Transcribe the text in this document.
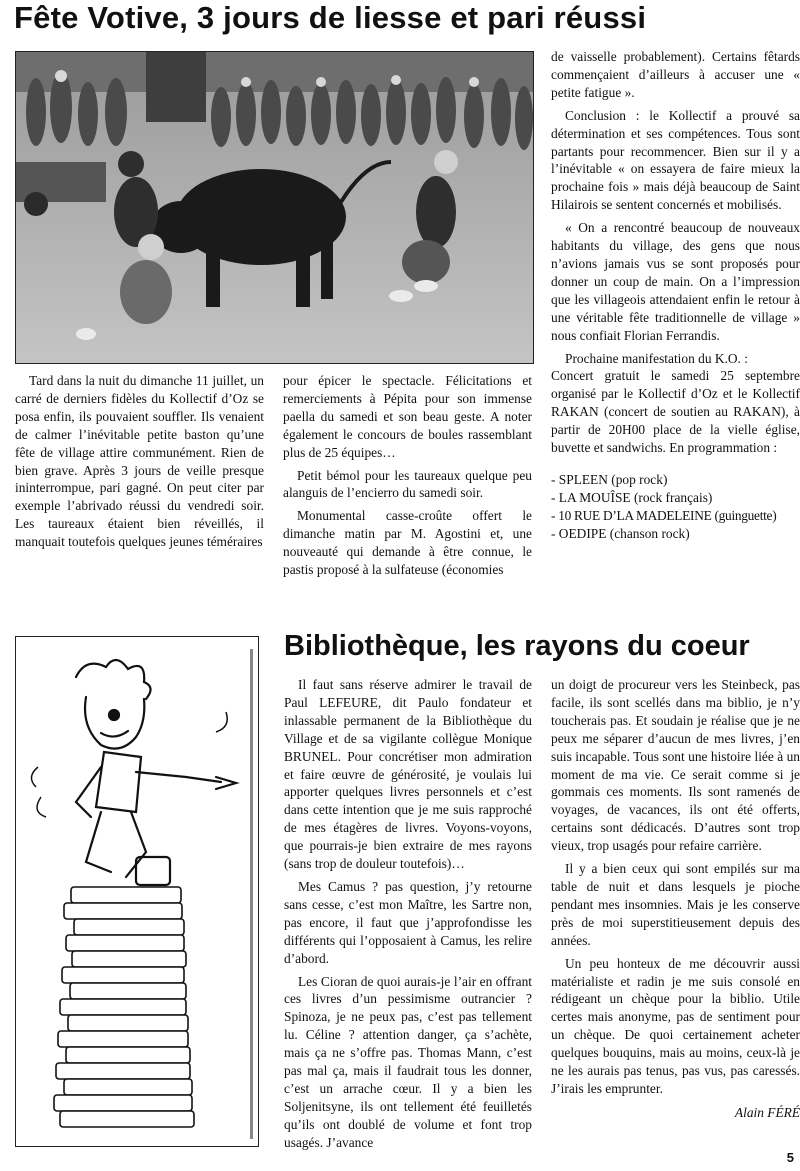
Fête Votive, 3 jours de liesse et pari réussi

Tard dans la nuit du dimanche 11 juillet, un carré de derniers fidèles du Kollectif d’Oz se posa enfin, ils pouvaient souffler. Ils venaient de calmer l’inévitable petite baston qu’une fête de village attire communément. Rien de bien grave. Après 3 jours de veille presque ininterrompue, pari gagné. On peut citer par exemple l’abrivado réussi du vendredi soir. Les taureaux étaient bien réveillés, il manquait toutefois quelques jeunes téméraires

pour épicer le spectacle. Félicitations et remerciements à Pépita pour son immense paella du samedi et son beau geste. A noter également le concours de boules rassemblant plus de 25 équipes…

Petit bémol pour les taureaux quelque peu alanguis de l’encierro du samedi soir.

Monumental casse-croûte offert le dimanche matin par M. Agostini et, une nouveauté qui demande à être connue, le pastis proposé à la sulfateuse (économies

de vaisselle probablement). Certains fêtards commençaient d’ailleurs à accuser une « petite fatigue ».

Conclusion : le Kollectif a prouvé sa détermination et ses compétences. Tous sont partants pour recommencer. Bien sur il y a l’inévitable « on essayera de faire mieux la prochaine fois » mais déjà beaucoup de Saint Hilairois se sentent concernés et mobilisés.

« On a rencontré beaucoup de nouveaux habitants du village, des gens que nous n’avions jamais vus se sont proposés pour donner un coup de main. On a l’impression que les villageois attendaient enfin le retour à une véritable fête traditionnelle de village » nous confiait Florian Ferrandis.

Prochaine manifestation du K.O. :

Concert gratuit le samedi 25 septembre organisé par le Kollectif d’Oz et le Kollectif RAKAN (concert de soutien au RAKAN), à partir de 20H00 place de la vielle église, buvette et sandwichs. En programmation :

- SPLEEN (pop rock)
- LA MOUÎSE (rock français)
- 10 RUE D’LA MADELEINE (guinguette)
- OEDIPE (chanson rock)
Bibliothèque, les rayons du coeur

Il faut sans réserve admirer le travail de Paul LEFEURE, dit Paulo fondateur et inlassable permanent de la Bibliothèque du Village et de sa vigilante collègue Monique BRUNEL. Pour concrétiser mon admiration et faire œuvre de générosité, je voulais lui apporter quelques livres personnels et c’est dans cette intention que je me suis rapproché de mes étagères de livres. Voyons-voyons, que pourrais-je bien extraire de mes rayons (sans trop de douleur toutefois)…

Mes Camus ? pas question, j’y retourne sans cesse, c’est mon Maître, les Sartre non, pas encore, il faut que j’approfondisse les différents qui l’opposaient à Camus, les relire d’abord.

Les Cioran de quoi aurais-je l’air en offrant ces livres d’un pessimisme outrancier ? Spinoza, je ne peux pas, c’est pas tellement lu. Céline ? attention danger, ça s’achète, mais ça ne s’offre pas. Thomas Mann, c’est pas mal ça, mais il faudrait tous les donner, c’est un arrache cœur. Il y a bien les Soljenitsyne, ils ont tellement été feuilletés qu’ils ont doublé de volume et font trop usagés. J’avance

un doigt de procureur vers les Steinbeck, pas facile, ils sont scellés dans ma biblio, je n’y toucherais pas. Et soudain je réalise que je ne peux me séparer d’aucun de mes livres, j’en suis incapable. Tous sont une histoire liée à un moment de ma vie. Ce serait comme si je gommais ces moments. Ils sont ramenés de voyages, de vacances, ils ont été offerts, certains sont dédicacés. D’autres sont trop vieux, trop usagés pour refaire carrière.

Il y a bien ceux qui sont empilés sur ma table de nuit et dans lesquels je pioche pendant mes insomnies. Mais je les conserve près de moi superstitieusement depuis des années.

Un peu honteux de me découvrir aussi matérialiste et radin je me suis consolé en rédigeant un chèque pour la biblio. Utile certes mais anonyme, pas de sentiment pour un chèque. De quoi certainement acheter quelques bouquins, mais au moins, ceux-là je ne les aurais pas tenus, pas vus, pas caressés. J’irais les emprunter.

Alain FÉRÉ
5
